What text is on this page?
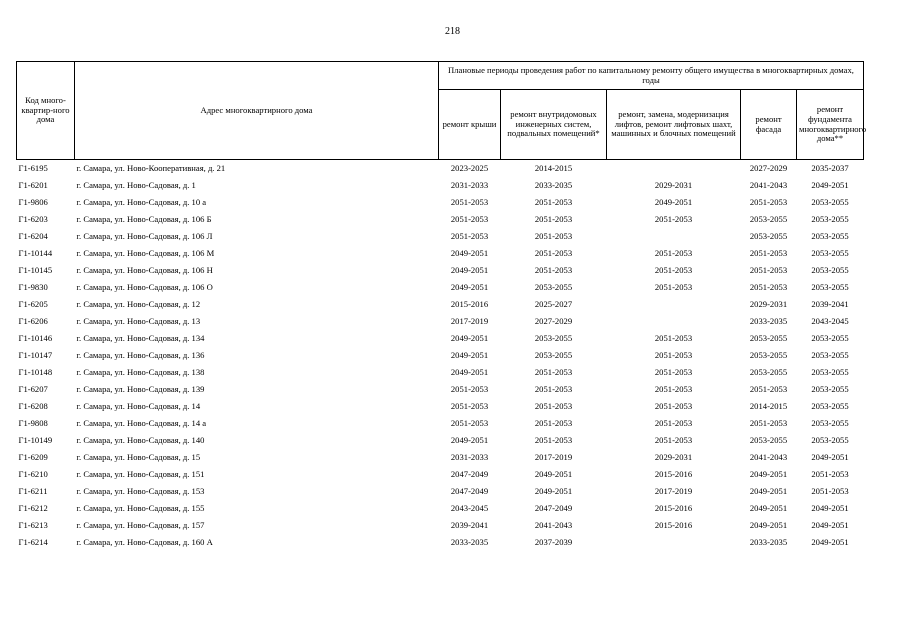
218
Код много-квартир-ного дома	Адрес многоквартирного дома	Плановые периоды проведения работ по капитальному ремонту общего имущества в многоквартирных домах, годы				
		ремонт крыши	ремонт внутридомовых инженерных систем, подвальных помещений*	ремонт, замена, модернизация лифтов, ремонт лифтовых шахт, машинных и блочных помещений	ремонт фасада	ремонт фундамента многоквартирного дома**
Г1-6195	г. Самара, ул. Ново-Кооперативная, д. 21	2023-2025	2014-2015		2027-2029	2035-2037
Г1-6201	г. Самара, ул. Ново-Садовая, д. 1	2031-2033	2033-2035	2029-2031	2041-2043	2049-2051
Г1-9806	г. Самара, ул. Ново-Садовая, д. 10 а	2051-2053	2051-2053	2049-2051	2051-2053	2053-2055
Г1-6203	г. Самара, ул. Ново-Садовая, д. 106 Б	2051-2053	2051-2053	2051-2053	2053-2055	2053-2055
Г1-6204	г. Самара, ул. Ново-Садовая, д. 106 Л	2051-2053	2051-2053		2053-2055	2053-2055
Г1-10144	г. Самара, ул. Ново-Садовая, д. 106 М	2049-2051	2051-2053	2051-2053	2051-2053	2053-2055
Г1-10145	г. Самара, ул. Ново-Садовая, д. 106 Н	2049-2051	2051-2053	2051-2053	2051-2053	2053-2055
Г1-9830	г. Самара, ул. Ново-Садовая, д. 106 О	2049-2051	2053-2055	2051-2053	2051-2053	2053-2055
Г1-6205	г. Самара, ул. Ново-Садовая, д. 12	2015-2016	2025-2027		2029-2031	2039-2041
Г1-6206	г. Самара, ул. Ново-Садовая, д. 13	2017-2019	2027-2029		2033-2035	2043-2045
Г1-10146	г. Самара, ул. Ново-Садовая, д. 134	2049-2051	2053-2055	2051-2053	2053-2055	2053-2055
Г1-10147	г. Самара, ул. Ново-Садовая, д. 136	2049-2051	2053-2055	2051-2053	2053-2055	2053-2055
Г1-10148	г. Самара, ул. Ново-Садовая, д. 138	2049-2051	2051-2053	2051-2053	2053-2055	2053-2055
Г1-6207	г. Самара, ул. Ново-Садовая, д. 139	2051-2053	2051-2053	2051-2053	2051-2053	2053-2055
Г1-6208	г. Самара, ул. Ново-Садовая, д. 14	2051-2053	2051-2053	2051-2053	2014-2015	2053-2055
Г1-9808	г. Самара, ул. Ново-Садовая, д. 14 а	2051-2053	2051-2053	2051-2053	2051-2053	2053-2055
Г1-10149	г. Самара, ул. Ново-Садовая, д. 140	2049-2051	2051-2053	2051-2053	2053-2055	2053-2055
Г1-6209	г. Самара, ул. Ново-Садовая, д. 15	2031-2033	2017-2019	2029-2031	2041-2043	2049-2051
Г1-6210	г. Самара, ул. Ново-Садовая, д. 151	2047-2049	2049-2051	2015-2016	2049-2051	2051-2053
Г1-6211	г. Самара, ул. Ново-Садовая, д. 153	2047-2049	2049-2051	2017-2019	2049-2051	2051-2053
Г1-6212	г. Самара, ул. Ново-Садовая, д. 155	2043-2045	2047-2049	2015-2016	2049-2051	2049-2051
Г1-6213	г. Самара, ул. Ново-Садовая, д. 157	2039-2041	2041-2043	2015-2016	2049-2051	2049-2051
Г1-6214	г. Самара, ул. Ново-Садовая, д. 160 А	2033-2035	2037-2039		2033-2035	2049-2051
